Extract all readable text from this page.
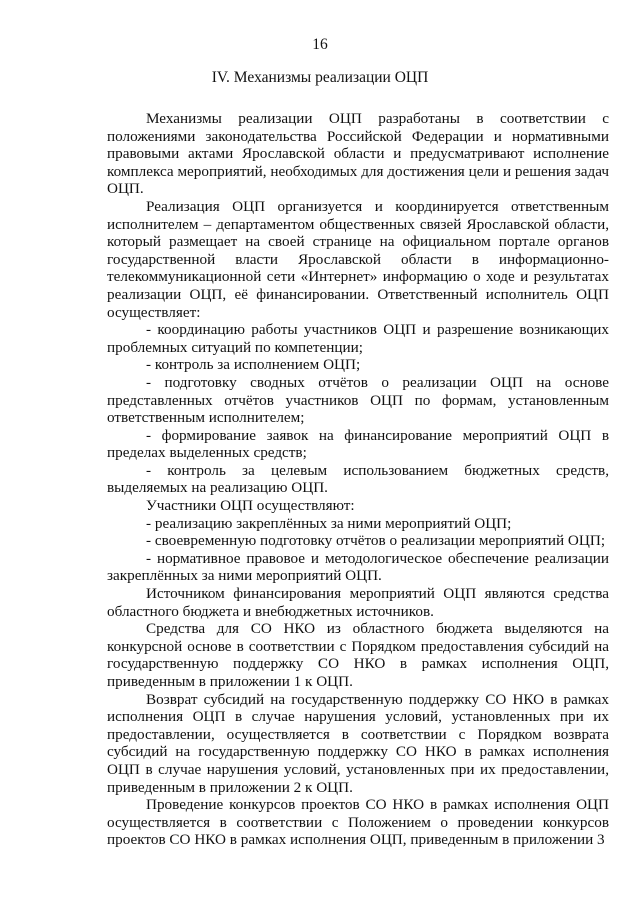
16
IV. Механизмы реализации ОЦП

Механизмы реализации ОЦП разработаны в соответствии с положениями законодательства Российской Федерации и нормативными правовыми актами Ярославской области и предусматривают исполнение комплекса мероприятий, необходимых для достижения цели и решения задач ОЦП.

Реализация ОЦП организуется и координируется ответственным исполнителем – департаментом общественных связей Ярославской области, который размещает на своей странице на официальном портале органов государственной власти Ярославской области в информационно-телекоммуникационной сети «Интернет» информацию о ходе и результатах реализации ОЦП, её финансировании. Ответственный исполнитель ОЦП осуществляет:

- координацию работы участников ОЦП и разрешение возникающих проблемных ситуаций по компетенции;

- контроль за исполнением ОЦП;

- подготовку сводных отчётов о реализации ОЦП на основе представленных отчётов участников ОЦП по формам, установленным ответственным исполнителем;

- формирование заявок на финансирование мероприятий ОЦП в пределах выделенных средств;

- контроль за целевым использованием бюджетных средств, выделяемых на реализацию ОЦП.

Участники ОЦП осуществляют:

- реализацию закреплённых за ними мероприятий ОЦП;

- своевременную подготовку отчётов о реализации мероприятий ОЦП;

- нормативное правовое и методологическое обеспечение реализации закреплённых за ними мероприятий ОЦП.

Источником финансирования мероприятий ОЦП являются средства областного бюджета и внебюджетных источников.

Средства для СО НКО из областного бюджета выделяются на конкурсной основе в соответствии с Порядком предоставления субсидий на государственную поддержку СО НКО в рамках исполнения ОЦП, приведенным в приложении 1 к ОЦП.

Возврат субсидий на государственную поддержку СО НКО в рамках исполнения ОЦП в случае нарушения условий, установленных при их предоставлении, осуществляется в соответствии с Порядком возврата субсидий на государственную поддержку СО НКО в рамках исполнения ОЦП в случае нарушения условий, установленных при их предоставлении, приведенным в приложении 2 к ОЦП.

Проведение конкурсов проектов СО НКО в рамках исполнения ОЦП осуществляется в соответствии с Положением о проведении конкурсов проектов СО НКО в рамках исполнения ОЦП, приведенным в приложении 3
